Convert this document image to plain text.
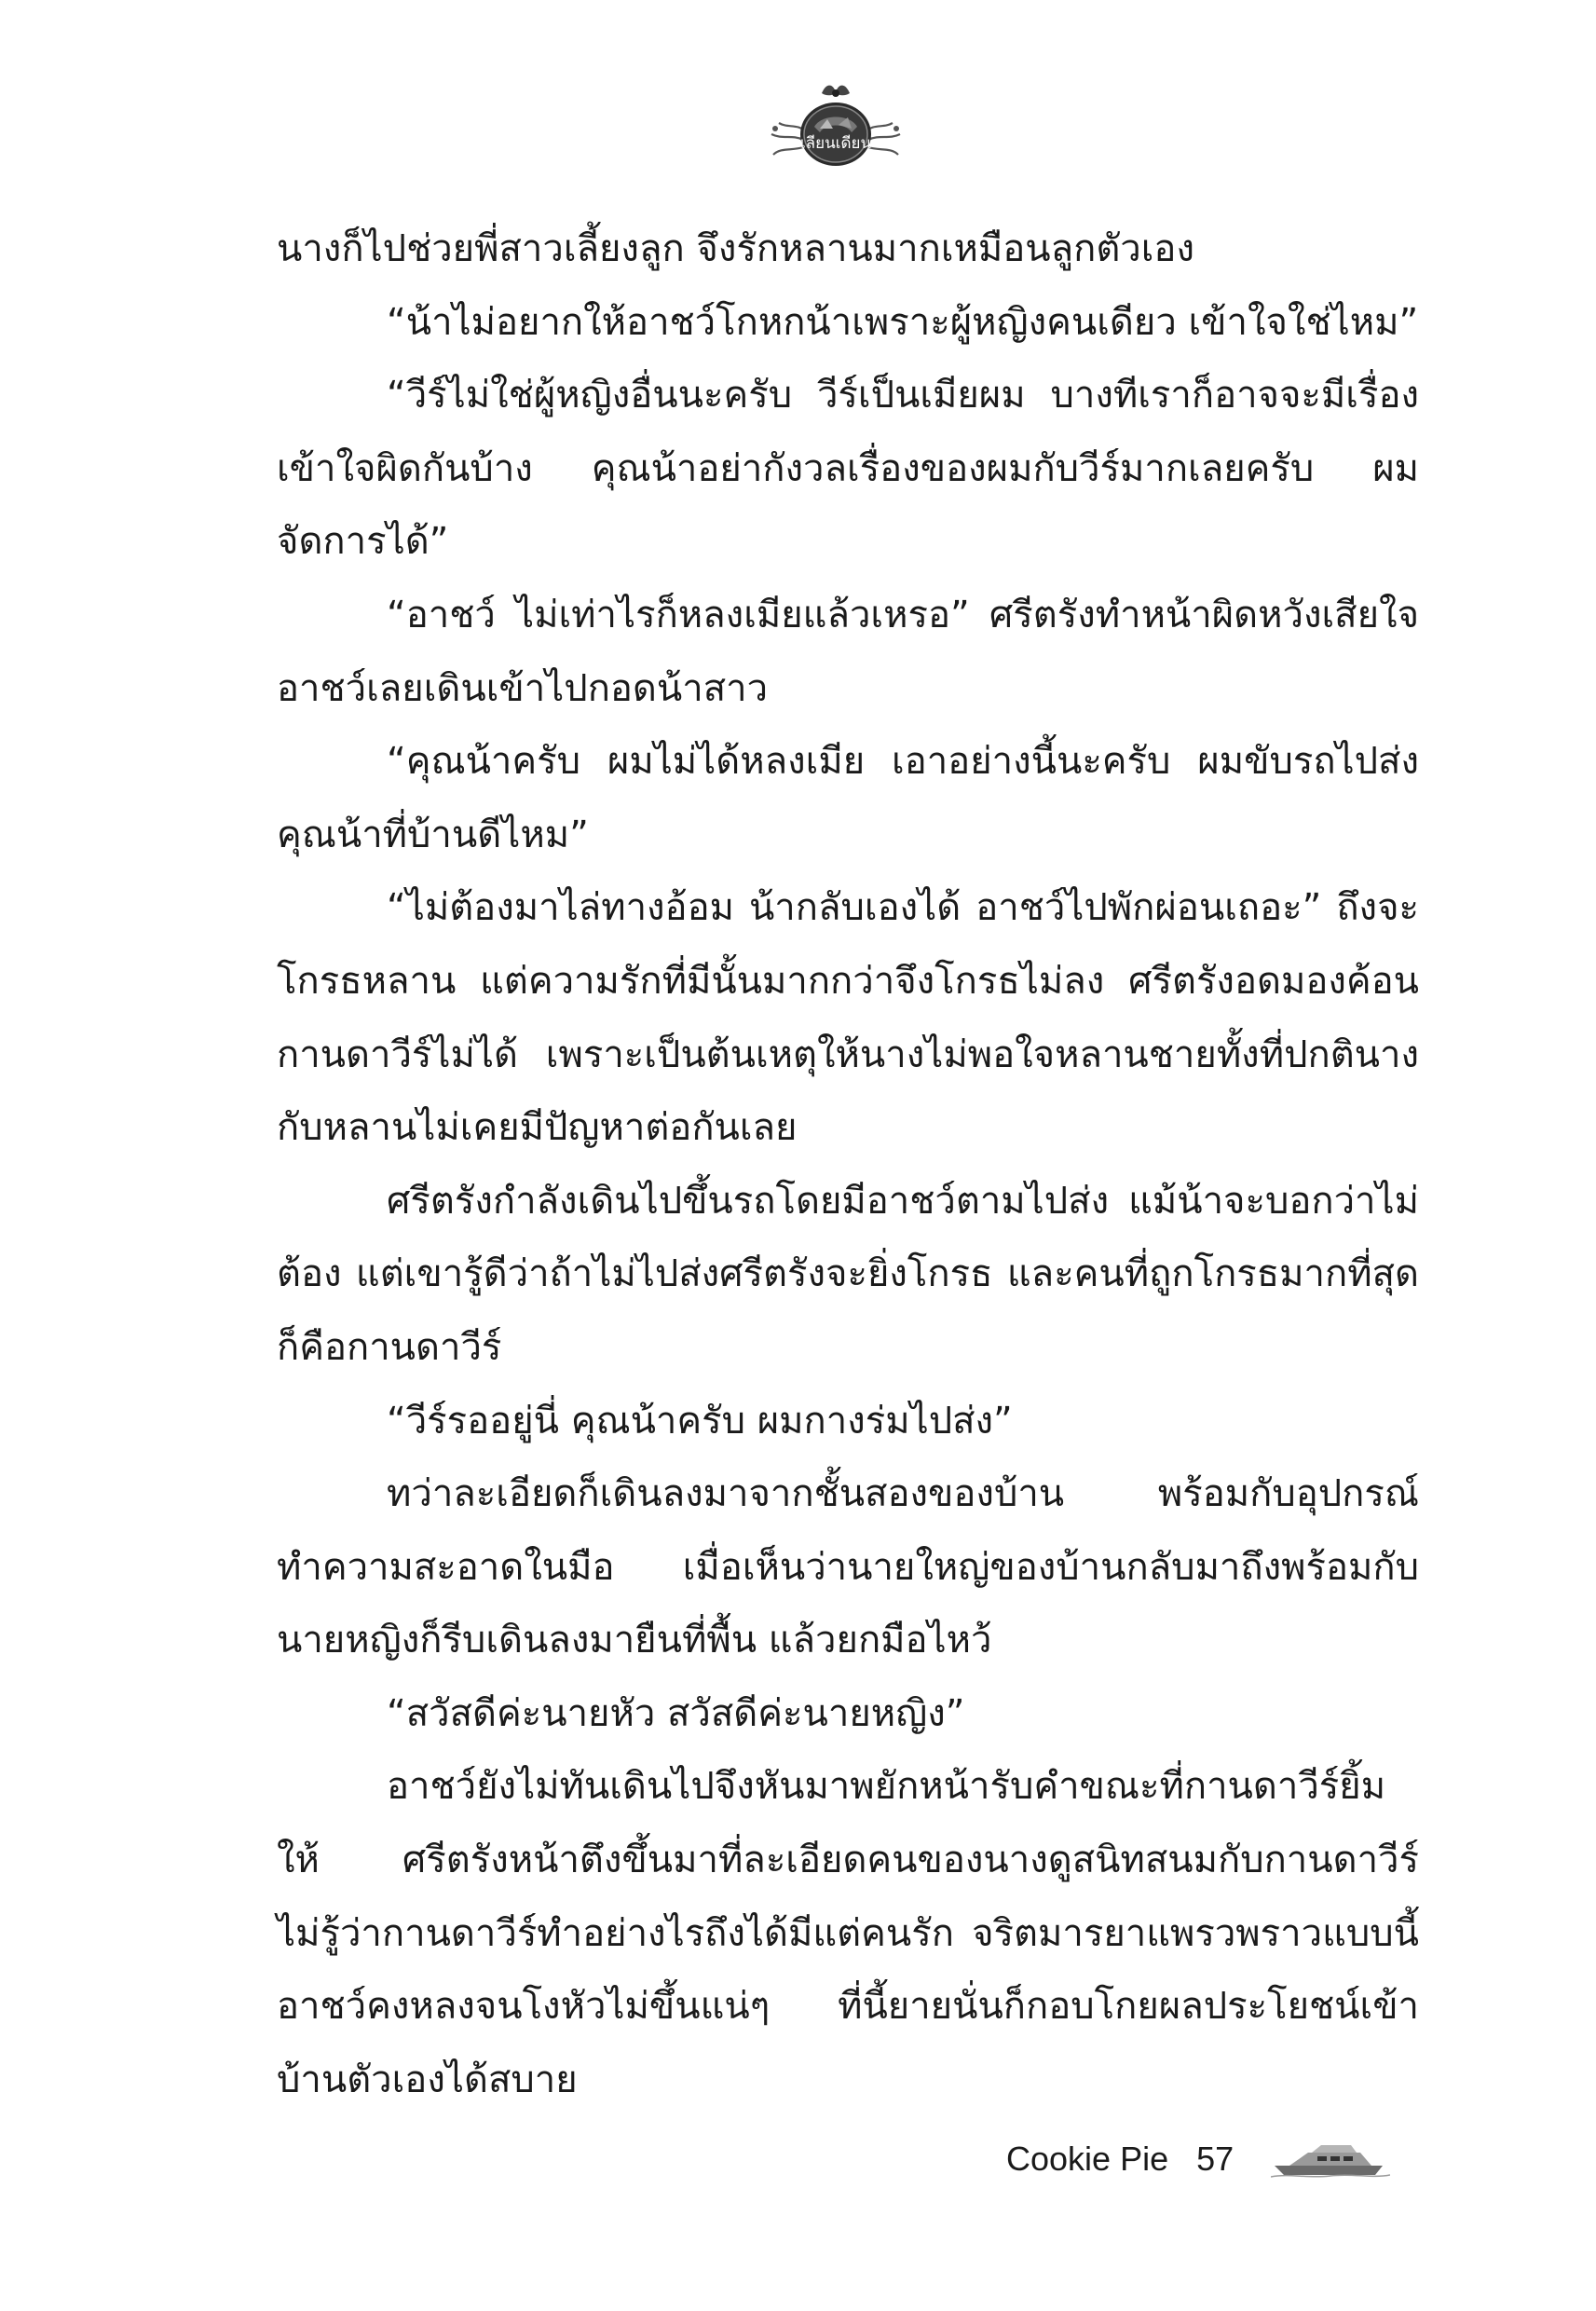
เลียนเดียน

นางก็ไปช่วยพี่สาวเลี้ยงลูก จึงรักหลานมากเหมือนลูกตัวเอง

“น้าไม่อยากให้อาชว์โกหกน้าเพราะผู้หญิงคนเดียว เข้าใจใช่ไหม”

“วีร์ไม่ใช่ผู้หญิงอื่นนะครับ วีร์เป็นเมียผม บางทีเราก็อาจจะมีเรื่องเข้าใจผิดกันบ้าง คุณน้าอย่ากังวลเรื่องของผมกับวีร์มากเลยครับ ผมจัดการได้”

“อาชว์ ไม่เท่าไรก็หลงเมียแล้วเหรอ” ศรีตรังทำหน้าผิดหวังเสียใจ อาชว์เลยเดินเข้าไปกอดน้าสาว

“คุณน้าครับ ผมไม่ได้หลงเมีย เอาอย่างนี้นะครับ ผมขับรถไปส่งคุณน้าที่บ้านดีไหม”

“ไม่ต้องมาไล่ทางอ้อม น้ากลับเองได้ อาชว์ไปพักผ่อนเถอะ” ถึงจะโกรธหลาน แต่ความรักที่มีนั้นมากกว่าจึงโกรธไม่ลง ศรีตรังอดมองค้อนกานดาวีร์ไม่ได้ เพราะเป็นต้นเหตุให้นางไม่พอใจหลานชายทั้งที่ปกตินางกับหลานไม่เคยมีปัญหาต่อกันเลย

ศรีตรังกำลังเดินไปขึ้นรถโดยมีอาชว์ตามไปส่ง แม้น้าจะบอกว่าไม่ต้อง แต่เขารู้ดีว่าถ้าไม่ไปส่งศรีตรังจะยิ่งโกรธ และคนที่ถูกโกรธมากที่สุดก็คือกานดาวีร์

“วีร์รออยู่นี่ คุณน้าครับ ผมกางร่มไปส่ง”

ทว่าละเอียดก็เดินลงมาจากชั้นสองของบ้าน พร้อมกับอุปกรณ์ทำความสะอาดในมือ เมื่อเห็นว่านายใหญ่ของบ้านกลับมาถึงพร้อมกับนายหญิงก็รีบเดินลงมายืนที่พื้น แล้วยกมือไหว้

“สวัสดีค่ะนายหัว สวัสดีค่ะนายหญิง”

อาชว์ยังไม่ทันเดินไปจึงหันมาพยักหน้ารับคำขณะที่กานดาวีร์ยิ้มให้ ศรีตรังหน้าตึงขึ้นมาที่ละเอียดคนของนางดูสนิทสนมกับกานดาวีร์ ไม่รู้ว่ากานดาวีร์ทำอย่างไรถึงได้มีแต่คนรัก จริตมารยาแพรวพราวแบบนี้ อาชว์คงหลงจนโงหัวไม่ขึ้นแน่ๆ ที่นี้ยายนั่นก็กอบโกยผลประโยชน์เข้าบ้านตัวเองได้สบาย

Cookie Pie 57
